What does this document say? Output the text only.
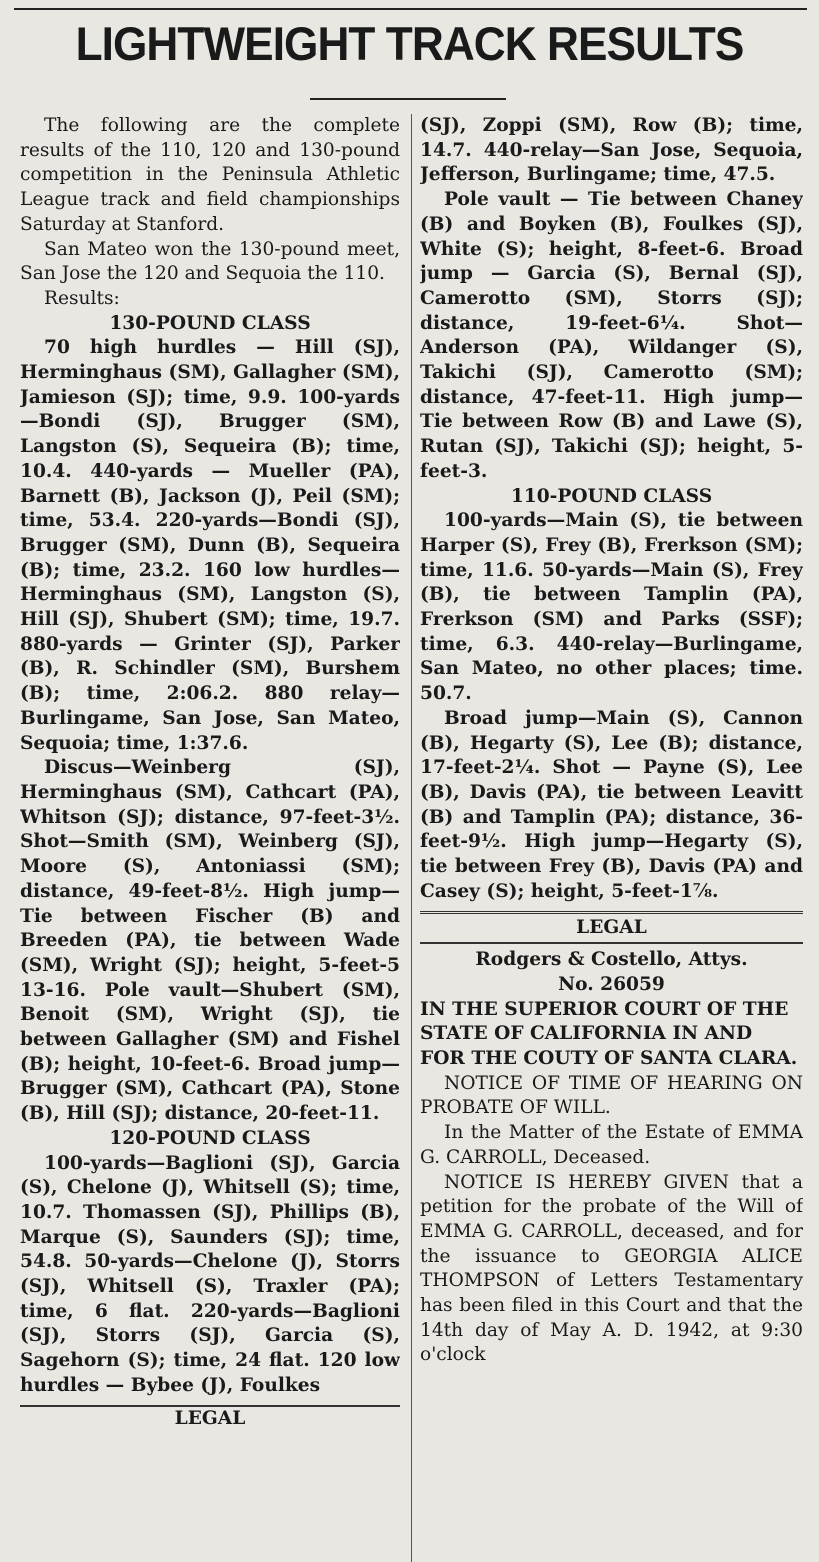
LIGHTWEIGHT TRACK RESULTS

The following are the complete results of the 110, 120 and 130-pound competition in the Peninsula Athletic League track and field championships Saturday at Stanford.

San Mateo won the 130-pound meet, San Jose the 120 and Sequoia the 110.

Results:

130-POUND CLASS

70 high hurdles — Hill (SJ), Herminghaus (SM), Gallagher (SM), Jamieson (SJ); time, 9.9. 100-yards—Bondi (SJ), Brugger (SM), Langston (S), Sequeira (B); time, 10.4. 440-yards — Mueller (PA), Barnett (B), Jackson (J), Peil (SM); time, 53.4. 220-yards—Bondi (SJ), Brugger (SM), Dunn (B), Sequeira (B); time, 23.2. 160 low hurdles—Herminghaus (SM), Langston (S), Hill (SJ), Shubert (SM); time, 19.7. 880-yards — Grinter (SJ), Parker (B), R. Schindler (SM), Burshem (B); time, 2:06.2. 880 relay—Burlingame, San Jose, San Mateo, Sequoia; time, 1:37.6.

Discus—Weinberg (SJ), Herminghaus (SM), Cathcart (PA), Whitson (SJ); distance, 97-feet-3½. Shot—Smith (SM), Weinberg (SJ), Moore (S), Antoniassi (SM); distance, 49-feet-8½. High jump—Tie between Fischer (B) and Breeden (PA), tie between Wade (SM), Wright (SJ); height, 5-feet-5 13-16. Pole vault—Shubert (SM), Benoit (SM), Wright (SJ), tie between Gallagher (SM) and Fishel (B); height, 10-feet-6. Broad jump—Brugger (SM), Cathcart (PA), Stone (B), Hill (SJ); distance, 20-feet-11.

120-POUND CLASS

100-yards—Baglioni (SJ), Garcia (S), Chelone (J), Whitsell (S); time, 10.7. Thomassen (SJ), Phillips (B), Marque (S), Saunders (SJ); time, 54.8. 50-yards—Chelone (J), Storrs (SJ), Whitsell (S), Traxler (PA); time, 6 flat. 220-yards—Baglioni (SJ), Storrs (SJ), Garcia (S), Sagehorn (S); time, 24 flat. 120 low hurdles — Bybee (J), Foulkes

LEGAL

(SJ), Zoppi (SM), Row (B); time, 14.7. 440-relay—San Jose, Sequoia, Jefferson, Burlingame; time, 47.5.

Pole vault — Tie between Chaney (B) and Boyken (B), Foulkes (SJ), White (S); height, 8-feet-6. Broad jump — Garcia (S), Bernal (SJ), Camerotto (SM), Storrs (SJ); distance, 19-feet-6¼. Shot—Anderson (PA), Wildanger (S), Takichi (SJ), Camerotto (SM); distance, 47-feet-11. High jump—Tie between Row (B) and Lawe (S), Rutan (SJ), Takichi (SJ); height, 5-feet-3.

110-POUND CLASS

100-yards—Main (S), tie between Harper (S), Frey (B), Frerkson (SM); time, 11.6. 50-yards—Main (S), Frey (B), tie between Tamplin (PA), Frerkson (SM) and Parks (SSF); time, 6.3. 440-relay—Burlingame, San Mateo, no other places; time. 50.7.

Broad jump—Main (S), Cannon (B), Hegarty (S), Lee (B); distance, 17-feet-2¼. Shot — Payne (S), Lee (B), Davis (PA), tie between Leavitt (B) and Tamplin (PA); distance, 36-feet-9½. High jump—Hegarty (S), tie between Frey (B), Davis (PA) and Casey (S); height, 5-feet-1⅞.

LEGAL

Rodgers & Costello, Attys.

No. 26059

IN THE SUPERIOR COURT OF THE STATE OF CALIFORNIA IN AND FOR THE COUTY OF SANTA CLARA.

NOTICE OF TIME OF HEARING ON PROBATE OF WILL.

In the Matter of the Estate of EMMA G. CARROLL, Deceased.

NOTICE IS HEREBY GIVEN that a petition for the probate of the Will of EMMA G. CARROLL, deceased, and for the issuance to GEORGIA ALICE THOMPSON of Letters Testamentary has been filed in this Court and that the 14th day of May A. D. 1942, at 9:30 o'clock
